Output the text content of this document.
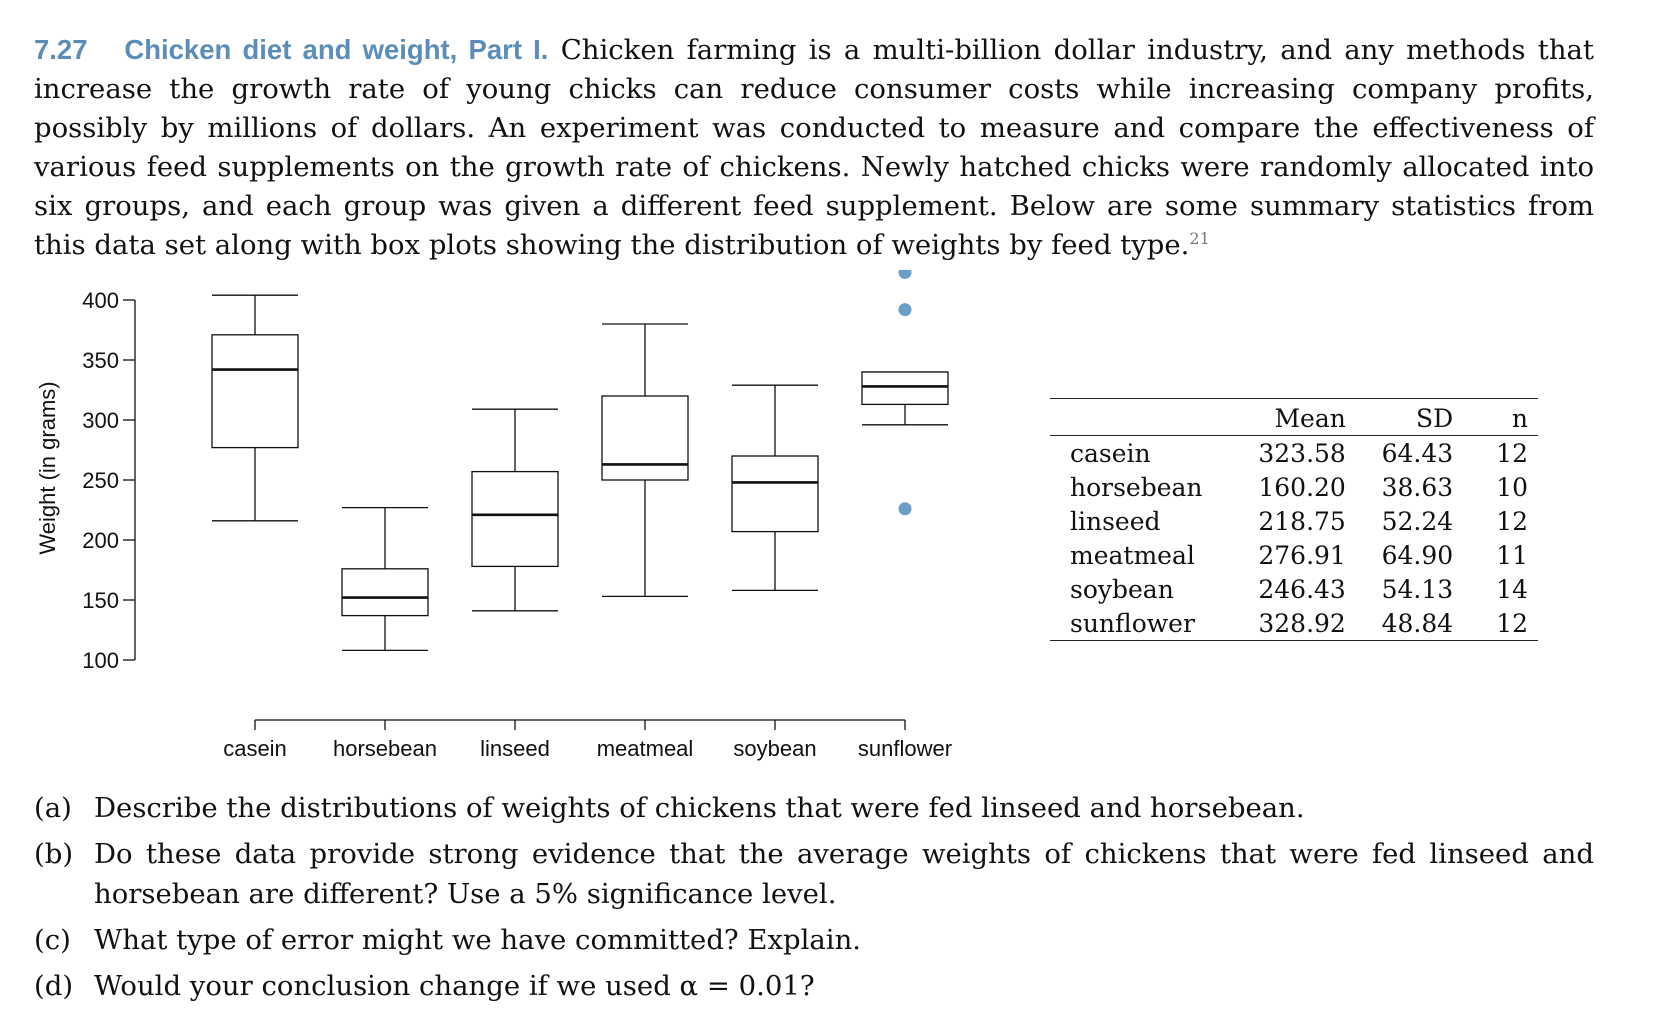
7.27 Chicken diet and weight, Part I. Chicken farming is a multi-billion dollar industry, and any methods that increase the growth rate of young chicks can reduce consumer costs while increasing company profits, possibly by millions of dollars. An experiment was conducted to measure and compare the effectiveness of various feed supplements on the growth rate of chickens. Newly hatched chicks were randomly allocated into six groups, and each group was given a different feed supplement. Below are some summary statistics from this data set along with box plots showing the distribution of weights by feed type.$^{21}$
100
150
200
250
300
350
400
casein horsebean linseed meatmeal soybean sunflower
Weight (in grams)
		Mean	SD	n
casein	323.58	64.43	12
horsebean	160.20	38.63	10
linseed	218.75	52.24	12
meatmeal	276.91	64.90	11
soybean	246.43	54.13	14
sunflower	328.92	48.84	12
(a) Describe the distributions of weights of chickens that were fed linseed and horsebean.
(b) Do these data provide strong evidence that the average weights of chickens that were fed linseed and horsebean are different? Use a 5% significance level.
(c) What type of error might we have committed? Explain.
(d) Would your conclusion change if we used α = 0.01?
